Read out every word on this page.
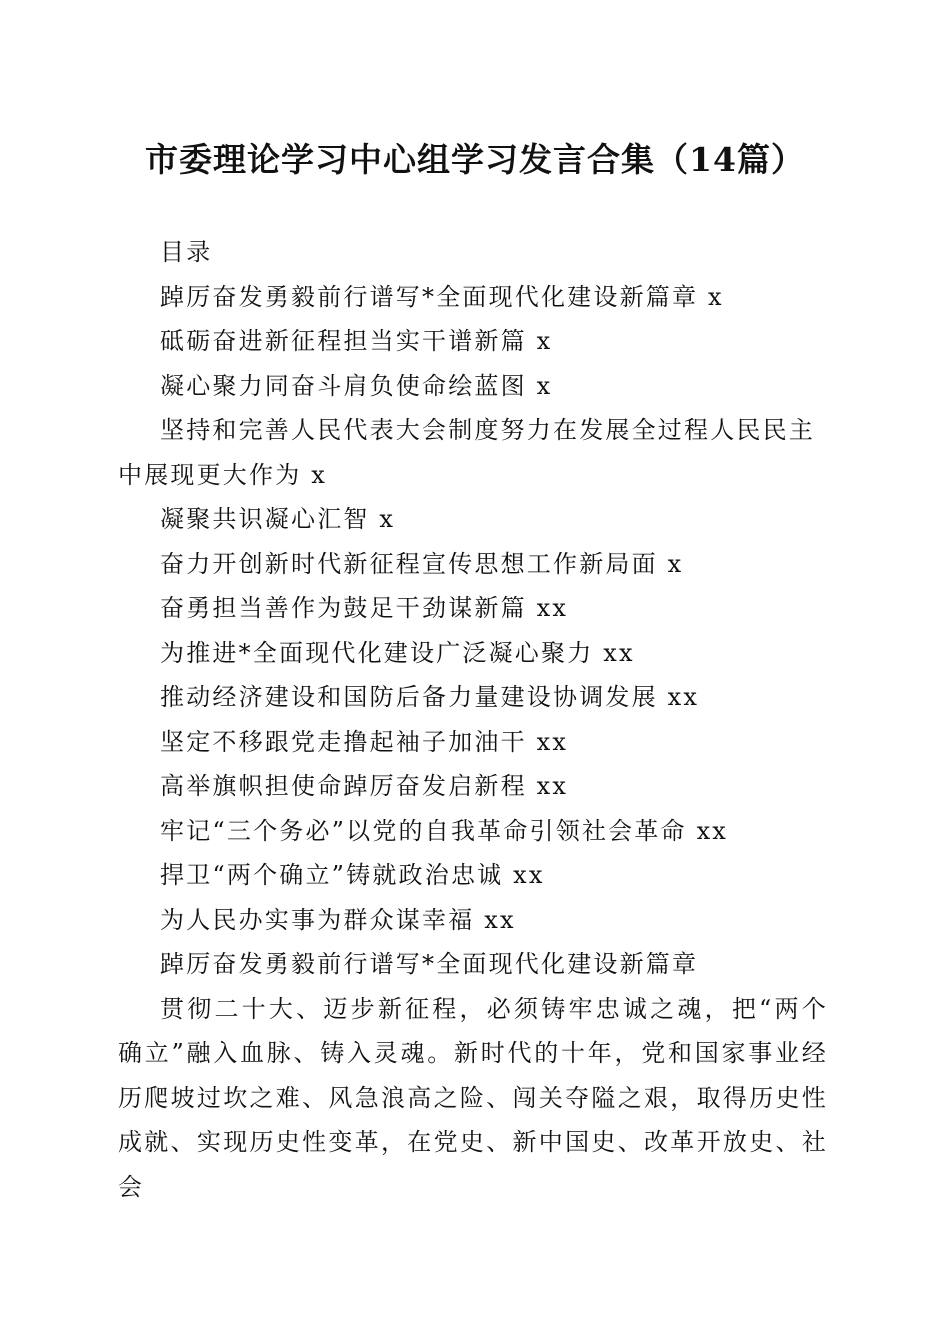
市委理论学习中心组学习发言合集（14篇）

目录

踔厉奋发勇毅前行谱写*全面现代化建设新篇章 x

砥砺奋进新征程担当实干谱新篇 x

凝心聚力同奋斗肩负使命绘蓝图 x

坚持和完善人民代表大会制度努力在发展全过程人民民主中展现更大作为 x

凝聚共识凝心汇智 x

奋力开创新时代新征程宣传思想工作新局面 x

奋勇担当善作为鼓足干劲谋新篇 xx

为推进*全面现代化建设广泛凝心聚力 xx

推动经济建设和国防后备力量建设协调发展 xx

坚定不移跟党走撸起袖子加油干 xx

高举旗帜担使命踔厉奋发启新程 xx

牢记“三个务必”以党的自我革命引领社会革命 xx

捍卫“两个确立”铸就政治忠诚 xx

为人民办实事为群众谋幸福 xx

踔厉奋发勇毅前行谱写*全面现代化建设新篇章

贯彻二十大、迈步新征程，必须铸牢忠诚之魂，把“两个确立”融入血脉、铸入灵魂。新时代的十年，党和国家事业经历爬坡过坎之难、风急浪高之险、闯关夺隘之艰，取得历史性成就、实现历史性变革，在党史、新中国史、改革开放史、社会
